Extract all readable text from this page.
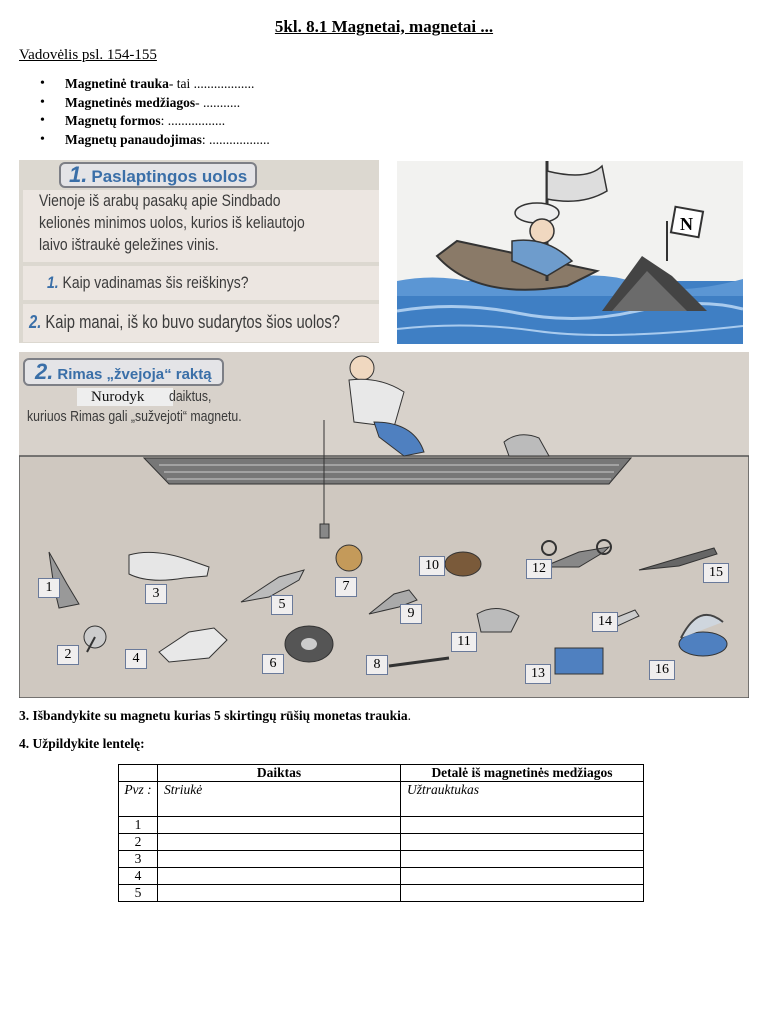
5kl. 8.1 Magnetai, magnetai ...
Vadovėlis psl. 154-155
• Magnetinė trauka- tai ..................
• Magnetinės medžiagos- ...........
• Magnetų formos: .................
• Magnetų panaudojimas: ..................
1. Paslaptingos uolos
Vienoje iš arabų pasakų apie Sindbado
kelionės minimos uolos, kurios iš keliautojo
laivo ištraukė geležines vinis.
1. Kaip vadinamas šis reiškinys?
2. Kaip manai, iš ko buvo sudarytos šios uolos?
N
2. Rimas „žvejoja“ raktą
Nurodyk	daiktus,
kuriuos Rimas gali „sužvejoti“ magnetu.
1
2
3
4
5
6
7
8
9
10
11
12
13
14
15
16
3. Išbandykite su magnetu kurias 5 skirtingų rūšių monetas traukia.
4. Užpildykite lentelę:
	Daiktas	Detalė iš magnetinės medžiagos
Pvz :	Striukė	Užtrauktukas
1		
2		
3		
4		
5		
